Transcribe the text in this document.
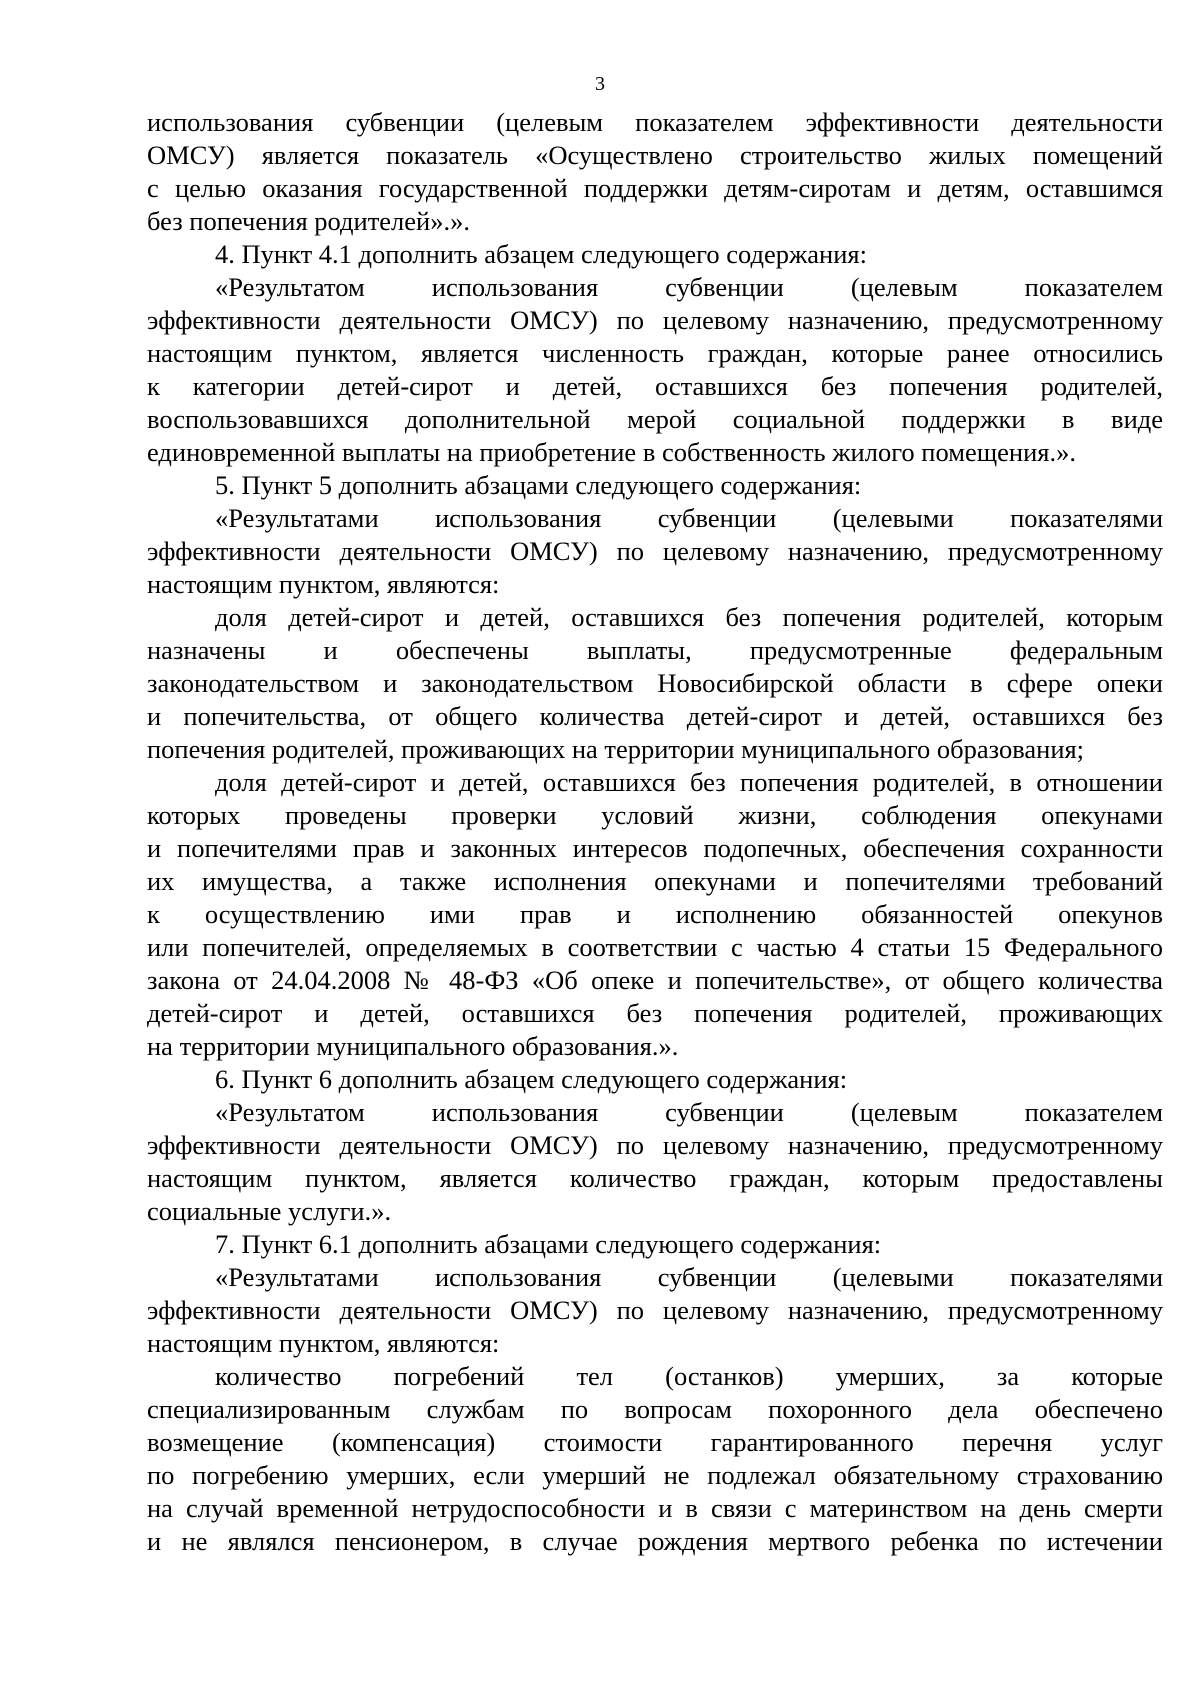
3
использования субвенции (целевым показателем эффективности деятельности
ОМСУ) является показатель «Осуществлено строительство жилых помещений
с целью оказания государственной поддержки детям-сиротам и детям, оставшимся
без попечения родителей».».
4. Пункт 4.1 дополнить абзацем следующего содержания:
«Результатом использования субвенции (целевым показателем
эффективности деятельности ОМСУ) по целевому назначению, предусмотренному
настоящим пунктом, является численность граждан, которые ранее относились
к категории детей-сирот и детей, оставшихся без попечения родителей,
воспользовавшихся дополнительной мерой социальной поддержки в виде
единовременной выплаты на приобретение в собственность жилого помещения.».
5. Пункт 5 дополнить абзацами следующего содержания:
«Результатами использования субвенции (целевыми показателями
эффективности деятельности ОМСУ) по целевому назначению, предусмотренному
настоящим пунктом, являются:
доля детей-сирот и детей, оставшихся без попечения родителей, которым
назначены и обеспечены выплаты, предусмотренные федеральным
законодательством и законодательством Новосибирской области в сфере опеки
и попечительства, от общего количества детей-сирот и детей, оставшихся без
попечения родителей, проживающих на территории муниципального образования;
доля детей-сирот и детей, оставшихся без попечения родителей, в отношении
которых проведены проверки условий жизни, соблюдения опекунами
и попечителями прав и законных интересов подопечных, обеспечения сохранности
их имущества, а также исполнения опекунами и попечителями требований
к осуществлению ими прав и исполнению обязанностей опекунов
или попечителей, определяемых в соответствии с частью 4 статьи 15 Федерального
закона от 24.04.2008 № 48-ФЗ «Об опеке и попечительстве», от общего количества
детей-сирот и детей, оставшихся без попечения родителей, проживающих
на территории муниципального образования.».
6. Пункт 6 дополнить абзацем следующего содержания:
«Результатом использования субвенции (целевым показателем
эффективности деятельности ОМСУ) по целевому назначению, предусмотренному
настоящим пунктом, является количество граждан, которым предоставлены
социальные услуги.».
7. Пункт 6.1 дополнить абзацами следующего содержания:
«Результатами использования субвенции (целевыми показателями
эффективности деятельности ОМСУ) по целевому назначению, предусмотренному
настоящим пунктом, являются:
количество погребений тел (останков) умерших, за которые
специализированным службам по вопросам похоронного дела обеспечено
возмещение (компенсация) стоимости гарантированного перечня услуг
по погребению умерших, если умерший не подлежал обязательному страхованию
на случай временной нетрудоспособности и в связи с материнством на день смерти
и не являлся пенсионером, в случае рождения мертвого ребенка по истечении
